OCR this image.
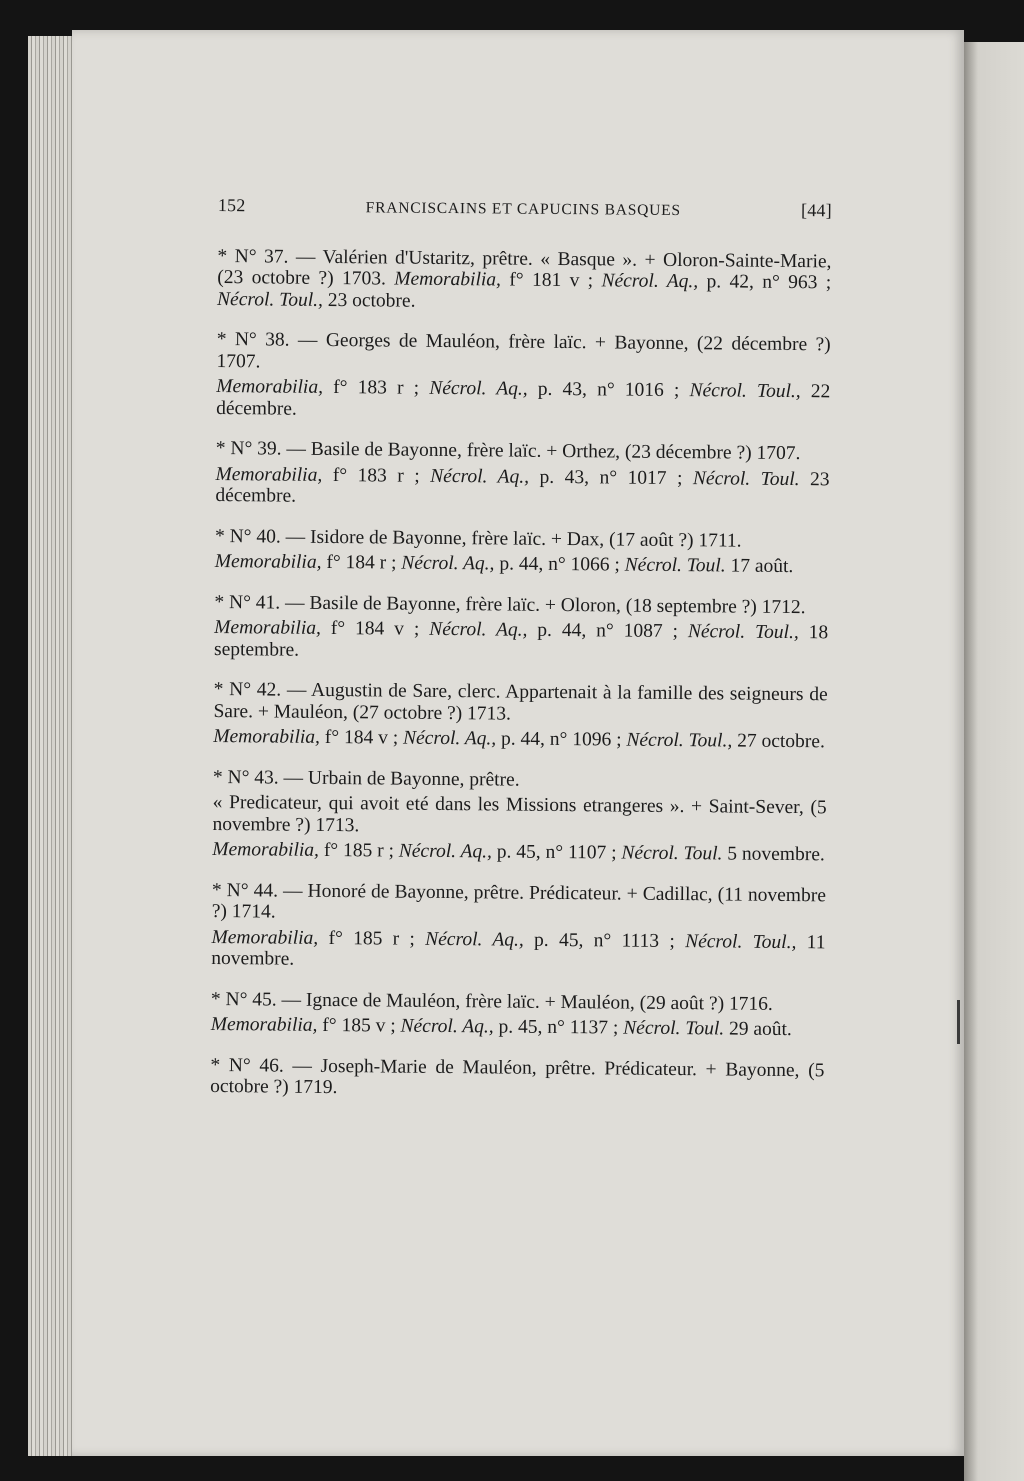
152	FRANCISCAINS ET CAPUCINS BASQUES	[44]

* N° 37. — Valérien d'Ustaritz, prêtre. « Basque ». + Oloron-Sainte-Marie, (23 octobre ?) 1703. Memorabilia, f° 181 v ; Nécrol. Aq., p. 42, n° 963 ; Nécrol. Toul., 23 octobre.

* N° 38. — Georges de Mauléon, frère laïc. + Bayonne, (22 décembre ?) 1707.

Memorabilia, f° 183 r ; Nécrol. Aq., p. 43, n° 1016 ; Nécrol. Toul., 22 décembre.

* N° 39. — Basile de Bayonne, frère laïc. + Orthez, (23 décembre ?) 1707.

Memorabilia, f° 183 r ; Nécrol. Aq., p. 43, n° 1017 ; Nécrol. Toul. 23 décembre.

* N° 40. — Isidore de Bayonne, frère laïc. + Dax, (17 août ?) 1711.

Memorabilia, f° 184 r ; Nécrol. Aq., p. 44, n° 1066 ; Nécrol. Toul. 17 août.

* N° 41. — Basile de Bayonne, frère laïc. + Oloron, (18 septembre ?) 1712.

Memorabilia, f° 184 v ; Nécrol. Aq., p. 44, n° 1087 ; Nécrol. Toul., 18 septembre.

* N° 42. — Augustin de Sare, clerc. Appartenait à la famille des seigneurs de Sare. + Mauléon, (27 octobre ?) 1713.

Memorabilia, f° 184 v ; Nécrol. Aq., p. 44, n° 1096 ; Nécrol. Toul., 27 octobre.

* N° 43. — Urbain de Bayonne, prêtre.

« Predicateur, qui avoit eté dans les Missions etrangeres ». + Saint-Sever, (5 novembre ?) 1713.

Memorabilia, f° 185 r ; Nécrol. Aq., p. 45, n° 1107 ; Nécrol. Toul. 5 novembre.

* N° 44. — Honoré de Bayonne, prêtre. Prédicateur. + Cadillac, (11 novembre ?) 1714.

Memorabilia, f° 185 r ; Nécrol. Aq., p. 45, n° 1113 ; Nécrol. Toul., 11 novembre.

* N° 45. — Ignace de Mauléon, frère laïc. + Mauléon, (29 août ?) 1716.

Memorabilia, f° 185 v ; Nécrol. Aq., p. 45, n° 1137 ; Nécrol. Toul. 29 août.

* N° 46. — Joseph-Marie de Mauléon, prêtre. Prédicateur. + Bayonne, (5 octobre ?) 1719.
